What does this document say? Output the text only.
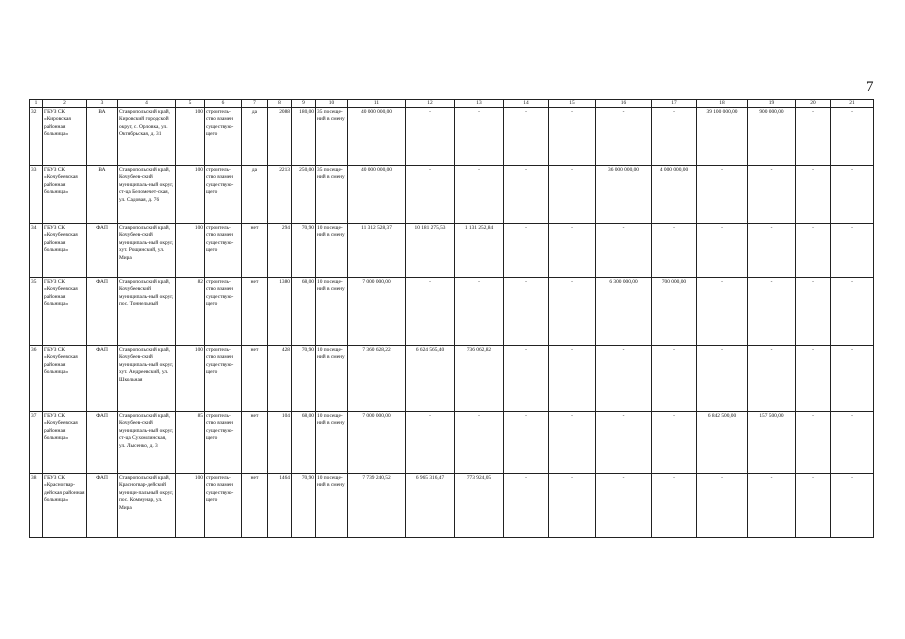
7
1	2	3	4	5	6	7	8	9	10	11	12	13	14	15	16	17	18	19	20	21
32	ГБУЗ СК «Кировская районная больница»	ВА	Ставропольский край, Кировский городской округ, с. Орловка, ул. Октябрьская, д. 31	100	строитель-ство взамен существую-щего	да	2088	180,00	35 посеще-ний в смену	40 000 000,00	-	-	-	-	-	-	39 100 000,00	900 000,00	-	-
33	ГБУЗ СК «Кочубеевская районная больница»	ВА	Ставропольский край, Кочубеев-ский муниципаль-ный округ, ст-ца Беломечет-ская, ул. Садовая, д. 76	100	строитель-ство взамен существую-щего	да	2213	250,00	35 посеще-ний в смену	40 000 000,00	-	-	-	-	36 000 000,00	4 000 000,00	-	-	-	-
34	ГБУЗ СК «Кочубеевская районная больница»	ФАП	Ставропольский край, Кочубеев-ский муниципаль-ный округ, хут. Рощинский, ул. Мира	100	строитель-ство взамен существую-щего	нет	294	70,90	10 посеще-ний в смену	11 312 528,37	10 181 275,53	1 131 252,84	-	-	-	-	-	-	-	-
35	ГБУЗ СК «Кочубеевская районная больница»	ФАП	Ставропольский край, Кочубеевский муниципаль-ный округ, пос. Тоннельный	82	строитель-ство взамен существую-щего	нет	1380	68,00	10 посеще-ний в смену	7 000 000,00	-	-	-	-	6 300 000,00	700 000,00	-	-	-	-
36	ГБУЗ СК «Кочубеевская районная больница»	ФАП	Ставропольский край, Кочубеев-ский муниципаль-ный округ, хут. Андреевский, ул. Школьная	100	строитель-ство взамен существую-щего	нет	428	70,90	10 посеще-ний в смену	7 360 628,22	6 624 565,40	736 062,82	-	-	-	-	-	-	-	-
37	ГБУЗ СК «Кочубеевская районная больница»	ФАП	Ставропольский край, Кочубеев-ский муниципаль-ный округ, ст-ца Сухомлинская, ул. Лысенко, д. 3	85	строитель-ство взамен существую-щего	нет	104	68,00	10 посеще-ний в смену	7 000 000,00	-	-	-	-	-	-	6 842 500,00	157 500,00	-	-
38	ГБУЗ СК «Красногвар-дейская районная больница»	ФАП	Ставропольский край, Красногвар-дейский муници-пальный округ, пос. Коммунар, ул. Мира	100	строитель-ство взамен существую-щего	нет	1464	70,90	10 посеще-ний в смену	7 739 240,52	6 965 316,47	773 924,05	-	-	-	-	-	-	-	-
